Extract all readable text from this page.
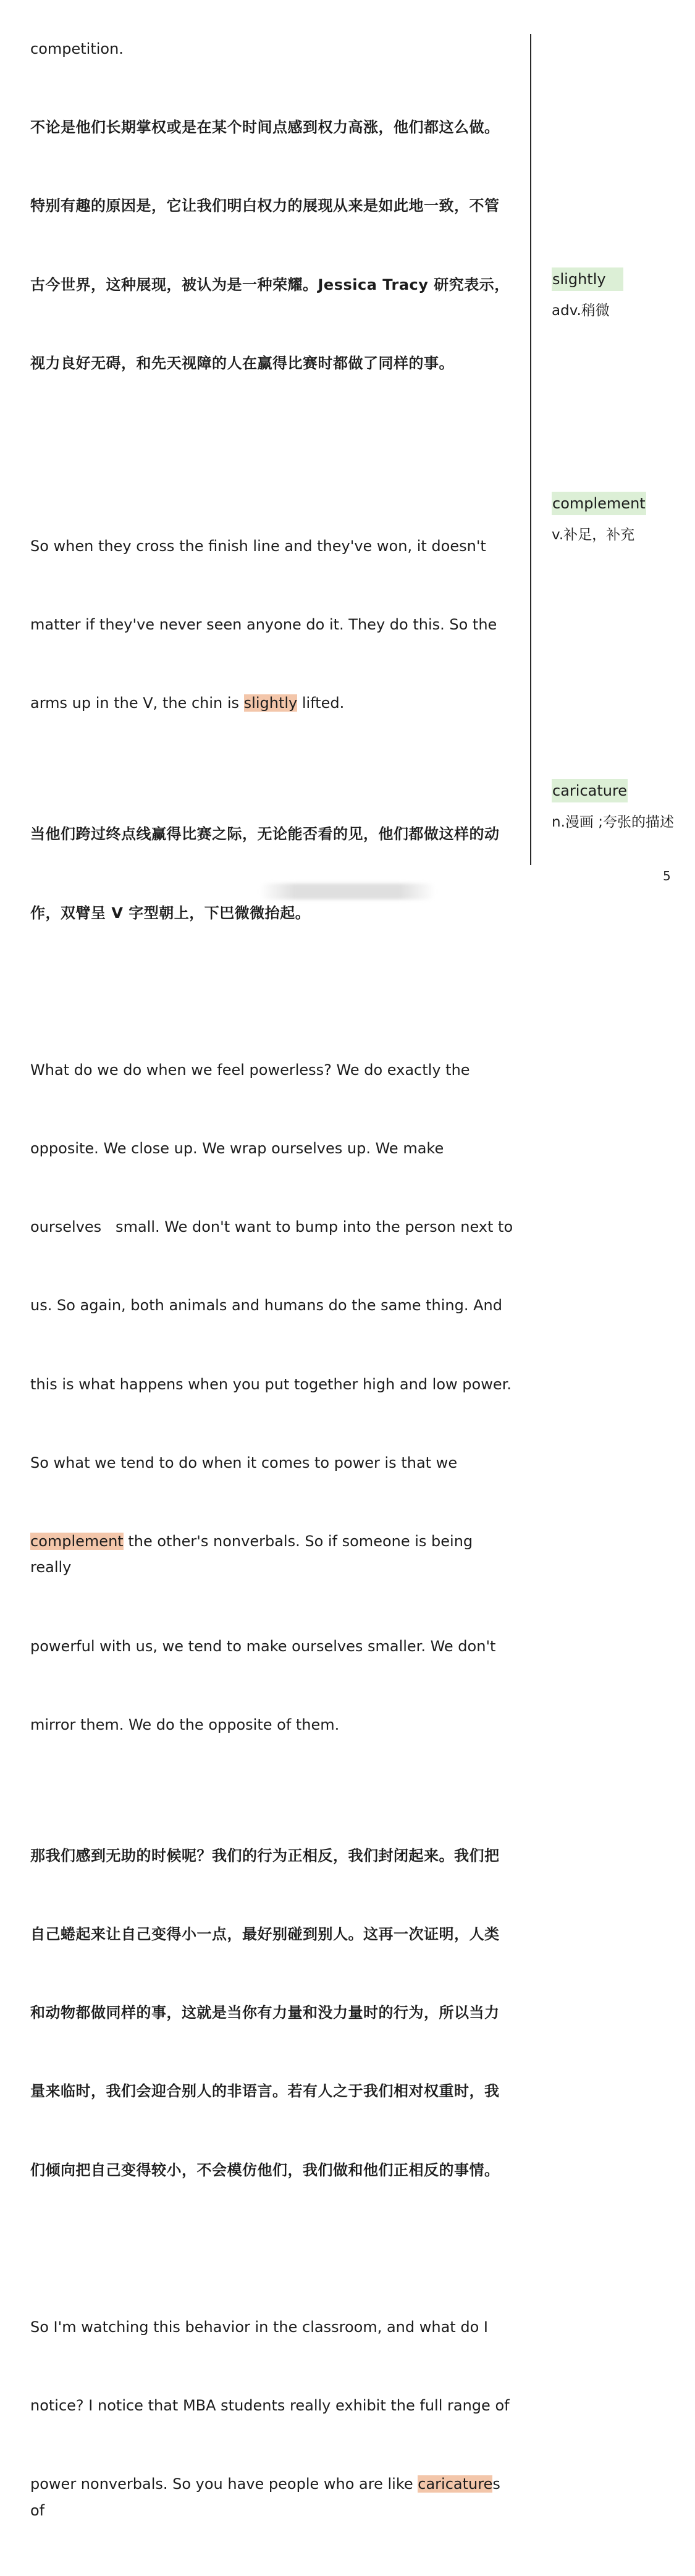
competition.

不论是他们长期掌权或是在某个时间点感到权力高涨，他们都这么做。

特别有趣的原因是，它让我们明白权力的展现从来是如此地一致，不管

古今世界，这种展现，被认为是一种荣耀。Jessica Tracy 研究表示，

视力良好无碍，和先天视障的人在赢得比赛时都做了同样的事。

So when they cross the finish line and they've won, it doesn't

matter if they've never seen anyone do it. They do this. So the

arms up in the V, the chin is slightly lifted.

当他们跨过终点线赢得比赛之际，无论能否看的见，他们都做这样的动

作，双臂呈 V 字型朝上，下巴微微抬起。

What do we do when we feel powerless? We do exactly the

opposite. We close up. We wrap ourselves up. We make

ourselves   small. We don't want to bump into the person next to

us. So again, both animals and humans do the same thing. And

this is what happens when you put together high and low power.

So what we tend to do when it comes to power is that we

complement the other's nonverbals. So if someone is being really

powerful with us, we tend to make ourselves smaller. We don't

mirror them. We do the opposite of them.

那我们感到无助的时候呢？我们的行为正相反，我们封闭起来。我们把

自己蜷起来让自己变得小一点，最好别碰到别人。这再一次证明，人类

和动物都做同样的事，这就是当你有力量和没力量时的行为，所以当力

量来临时，我们会迎合别人的非语言。若有人之于我们相对权重时，我

们倾向把自己变得较小，不会模仿他们，我们做和他们正相反的事情。

So I'm watching this behavior in the classroom, and what do I

notice? I notice that MBA students really exhibit the full range of

power nonverbals. So you have people who are like caricatures of

slightly
adv.稍微
complement
v.补足，补充
caricature
n.漫画 ;夸张的描述
5
